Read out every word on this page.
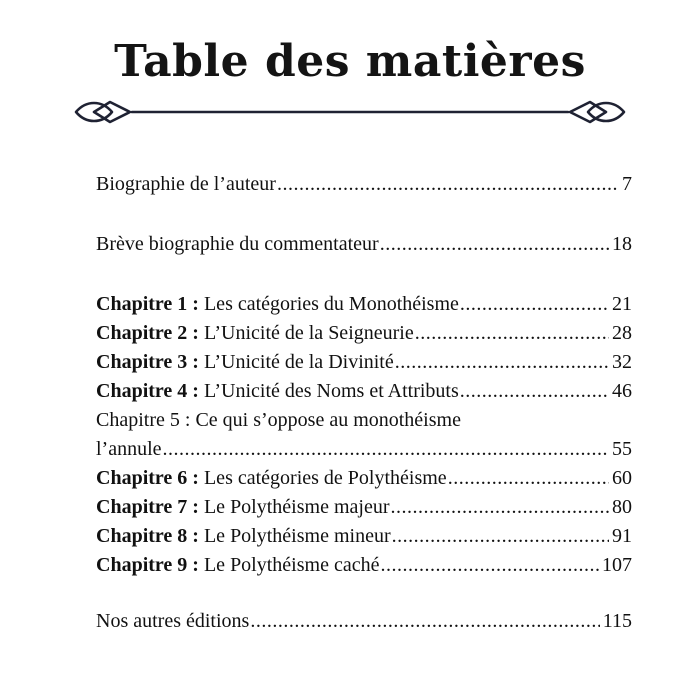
Table des matières
Biographie de l’auteur .....	7
Brève biographie du commentateur .....	18
Chapitre 1 : Les catégories du Monothéisme .....	21
Chapitre 2 : L’Unicité de la Seigneurie .....	28
Chapitre 3 : L’Unicité de la Divinité .....	32
Chapitre 4 : L’Unicité des Noms et Attributs .....	46
Chapitre 5 : Ce qui s’oppose au monothéisme
l’annule .....	55
Chapitre 6 : Les catégories de Polythéisme .....	60
Chapitre 7 : Le Polythéisme majeur .....	80
Chapitre 8 : Le Polythéisme mineur .....	91
Chapitre 9 : Le Polythéisme caché .....	107
Nos autres éditions .....	115
